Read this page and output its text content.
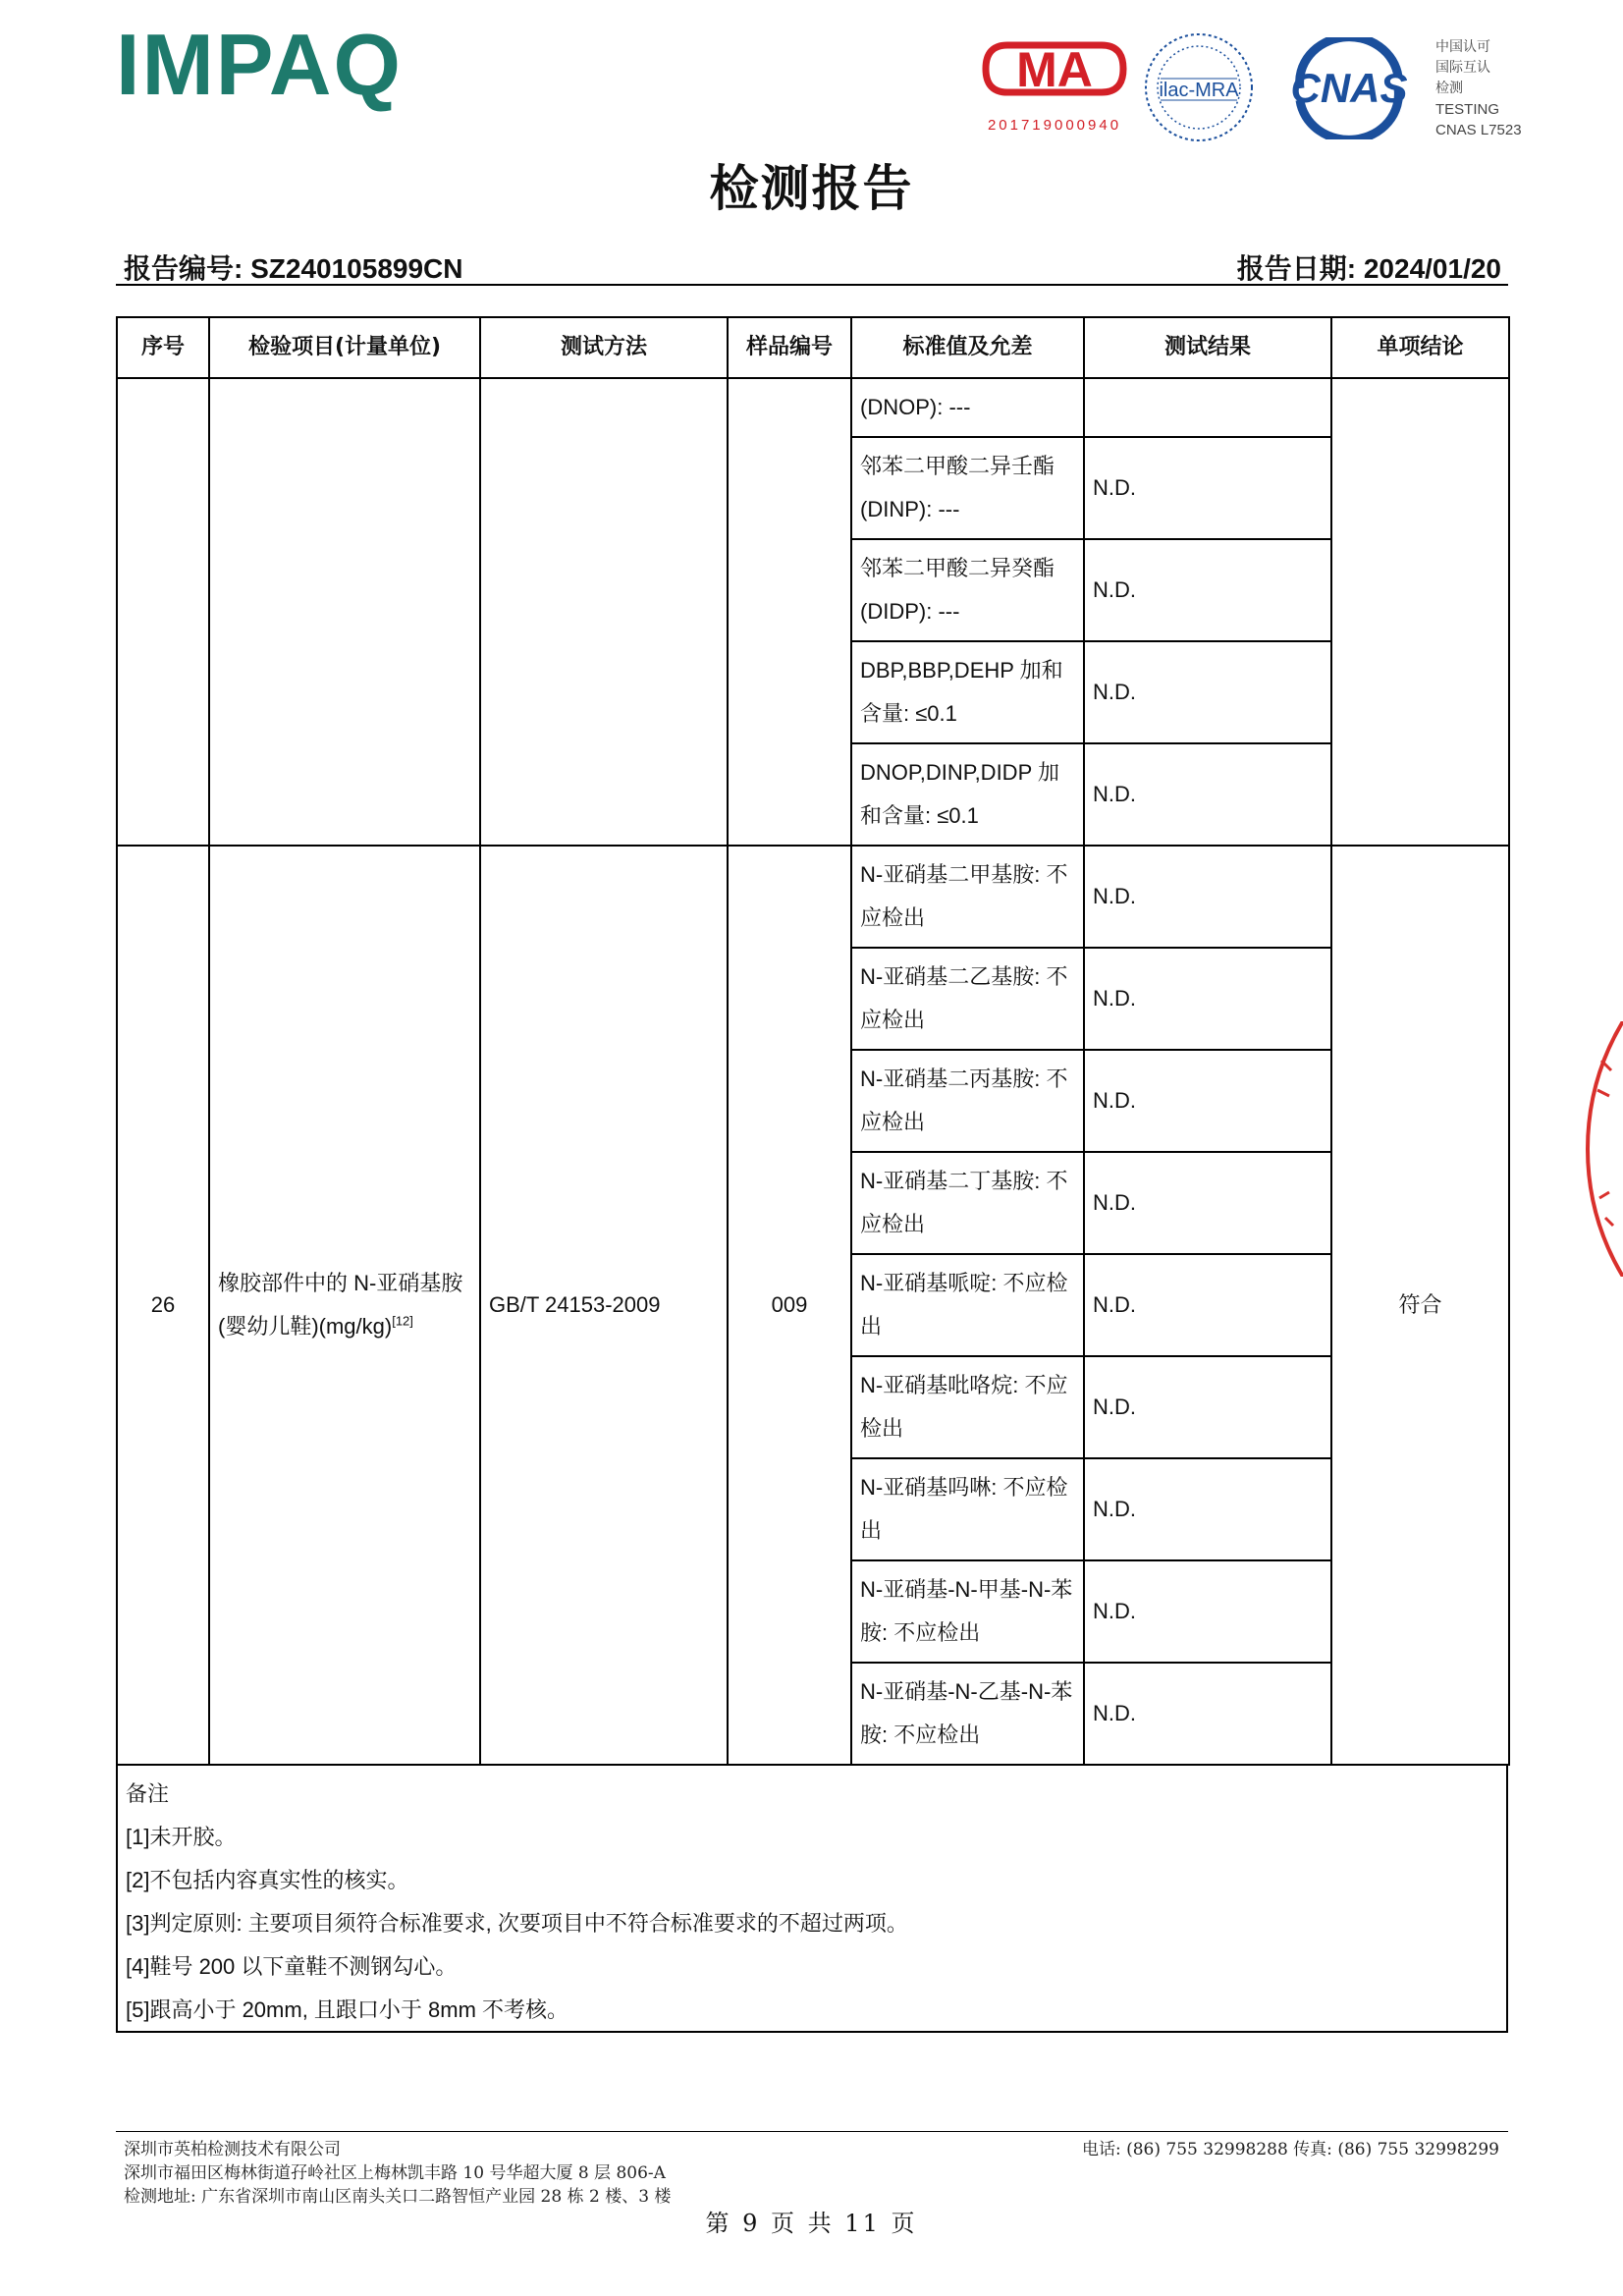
IMPAQ	MA
201719000940
ilac-MRA CNAS
中国认可
国际互认
检测
TESTING
CNAS L7523
检测报告
报告编号: SZ240105899CN	报告日期: 2024/01/20
序号	检验项目(计量单位)	测试方法	样品编号	标准值及允差	测试结果	单项结论
				(DNOP): ---		
				邻苯二甲酸二异壬酯 (DINP): ---	N.D.	
				邻苯二甲酸二异癸酯 (DIDP): ---	N.D.	
				DBP,BBP,DEHP 加和含量: ≤0.1	N.D.	
				DNOP,DINP,DIDP 加和含量: ≤0.1	N.D.	
26	橡胶部件中的 N-亚硝基胺 (婴幼儿鞋)(mg/kg)[12]	GB/T 24153-2009	009	N-亚硝基二甲基胺: 不应检出	N.D.	符合
				N-亚硝基二乙基胺: 不应检出	N.D.	
				N-亚硝基二丙基胺: 不应检出	N.D.	
				N-亚硝基二丁基胺: 不应检出	N.D.	
				N-亚硝基哌啶: 不应检出	N.D.	
				N-亚硝基吡咯烷: 不应检出	N.D.	
				N-亚硝基吗啉: 不应检出	N.D.	
				N-亚硝基-N-甲基-N-苯胺: 不应检出	N.D.	
				N-亚硝基-N-乙基-N-苯胺: 不应检出	N.D.	
备注
[1]未开胶。
[2]不包括内容真实性的核实。
[3]判定原则: 主要项目须符合标准要求, 次要项目中不符合标准要求的不超过两项。
[4]鞋号 200 以下童鞋不测钢勾心。
[5]跟高小于 20mm, 且跟口小于 8mm 不考核。
深圳市英柏检测技术有限公司
深圳市福田区梅林街道孖岭社区上梅林凯丰路 10 号华超大厦 8 层 806-A
检测地址: 广东省深圳市南山区南头关口二路智恒产业园 28 栋 2 楼、3 楼
电话: (86) 755 32998288 传真: (86) 755 32998299
第 9 页 共 11 页
